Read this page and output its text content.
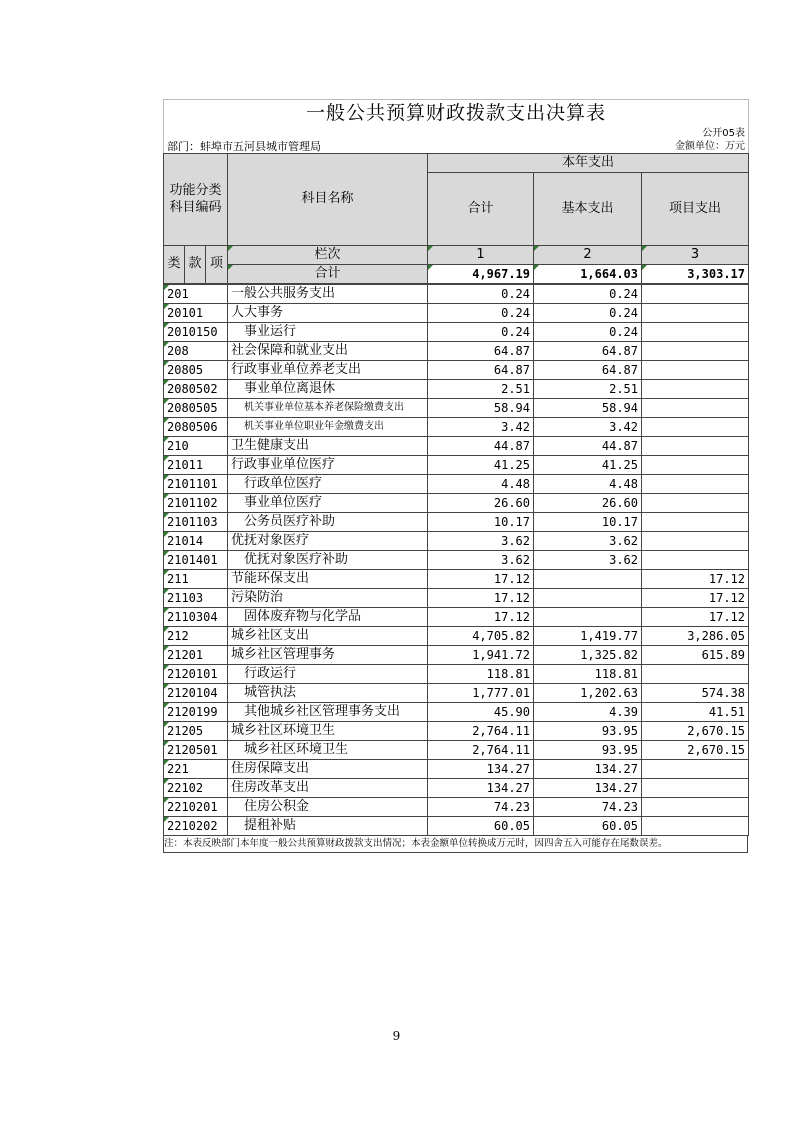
一般公共预算财政拨款支出决算表
公开05表
部门：蚌埠市五河县城市管理局	金额单位：万元
功能分类
科目编码			科目名称	本年支出		
				合计	基本支出	项目支出

类	款	项	栏次	1	2	3
			合计	4,967.19	1,664.03	3,303.17
201	一般公共服务支出	0.24	0.24	
20101	人大事务	0.24	0.24	
2010150	事业运行	0.24	0.24	
208	社会保障和就业支出	64.87	64.87	
20805	行政事业单位养老支出	64.87	64.87	
2080502	事业单位离退休	2.51	2.51	
2080505	机关事业单位基本养老保险缴费支出	58.94	58.94	
2080506	机关事业单位职业年金缴费支出	3.42	3.42	
210	卫生健康支出	44.87	44.87	
21011	行政事业单位医疗	41.25	41.25	
2101101	行政单位医疗	4.48	4.48	
2101102	事业单位医疗	26.60	26.60	
2101103	公务员医疗补助	10.17	10.17	
21014	优抚对象医疗	3.62	3.62	
2101401	优抚对象医疗补助	3.62	3.62	
211	节能环保支出	17.12		17.12
21103	污染防治	17.12		17.12
2110304	固体废弃物与化学品	17.12		17.12
212	城乡社区支出	4,705.82	1,419.77	3,286.05
21201	城乡社区管理事务	1,941.72	1,325.82	615.89
2120101	行政运行	118.81	118.81	
2120104	城管执法	1,777.01	1,202.63	574.38
2120199	其他城乡社区管理事务支出	45.90	4.39	41.51
21205	城乡社区环境卫生	2,764.11	93.95	2,670.15
2120501	城乡社区环境卫生	2,764.11	93.95	2,670.15
221	住房保障支出	134.27	134.27	
22102	住房改革支出	134.27	134.27	
2210201	住房公积金	74.23	74.23	
2210202	提租补贴	60.05	60.05	
注：本表反映部门本年度一般公共预算财政拨款支出情况；本表金额单位转换成万元时，因四舍五入可能存在尾数误差。
9
